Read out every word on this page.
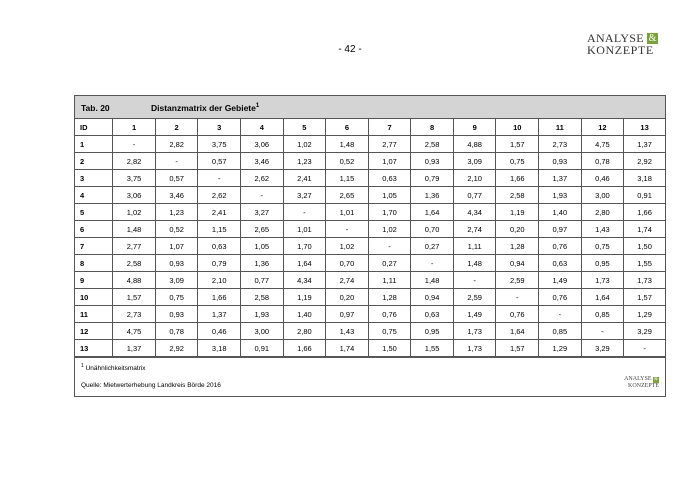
- 42 -
ANALYSE &
KONZEPTE
Tab. 20	Distanzmatrix der Gebiete$^1$
ID	1	2	3	4	5	6	7	8	9	10	11	12	13
1	-	2,82	3,75	3,06	1,02	1,48	2,77	2,58	4,88	1,57	2,73	4,75	1,37
2	2,82	-	0,57	3,46	1,23	0,52	1,07	0,93	3,09	0,75	0,93	0,78	2,92
3	3,75	0,57	-	2,62	2,41	1,15	0,63	0,79	2,10	1,66	1,37	0,46	3,18
4	3,06	3,46	2,62	-	3,27	2,65	1,05	1,36	0,77	2,58	1,93	3,00	0,91
5	1,02	1,23	2,41	3,27	-	1,01	1,70	1,64	4,34	1,19	1,40	2,80	1,66
6	1,48	0,52	1,15	2,65	1,01	-	1,02	0,70	2,74	0,20	0,97	1,43	1,74
7	2,77	1,07	0,63	1,05	1,70	1,02	-	0,27	1,11	1,28	0,76	0,75	1,50
8	2,58	0,93	0,79	1,36	1,64	0,70	0,27	-	1,48	0,94	0,63	0,95	1,55
9	4,88	3,09	2,10	0,77	4,34	2,74	1,11	1,48	-	2,59	1,49	1,73	1,73
10	1,57	0,75	1,66	2,58	1,19	0,20	1,28	0,94	2,59	-	0,76	1,64	1,57
11	2,73	0,93	1,37	1,93	1,40	0,97	0,76	0,63	1,49	0,76	-	0,85	1,29
12	4,75	0,78	0,46	3,00	2,80	1,43	0,75	0,95	1,73	1,64	0,85	-	3,29
13	1,37	2,92	3,18	0,91	1,66	1,74	1,50	1,55	1,73	1,57	1,29	3,29	-
$^1$ Unähnlichkeitsmatrix
Quelle: Mietwerterhebung Landkreis Börde 2016
ANALYSE &
KONZEPTE
